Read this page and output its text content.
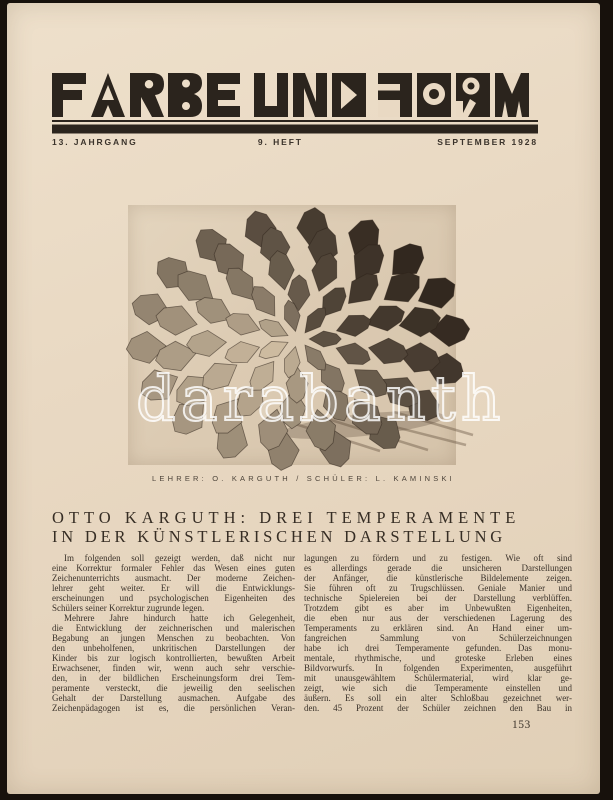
13. JAHRGANG	9. HEFT	SEPTEMBER 1928
darabanth
LEHRER: O. KARGUTH / SCHÜLER: L. KAMINSKI
OTTO KARGUTH: DREI TEMPERAMENTE
IN DER KÜNSTLERISCHEN DARSTELLUNG
Im folgenden soll gezeigt werden, daß nicht nur
eine Korrektur formaler Fehler das Wesen eines guten
Zeichenunterrichts ausmacht. Der moderne Zeichen-
lehrer geht weiter. Er will die Entwicklungs-
erscheinungen und psychologischen Eigenheiten des
Schülers seiner Korrektur zugrunde legen.
Mehrere Jahre hindurch hatte ich Gelegenheit,
die Entwicklung der zeichnerischen und malerischen
Begabung an jungen Menschen zu beobachten. Von
den unbeholfenen, unkritischen Darstellungen der
Kinder bis zur logisch kontrollierten, bewußten Arbeit
Erwachsener, finden wir, wenn auch sehr verschie-
den, in der bildlichen Erscheinungsform drei Tem-
peramente versteckt, die jeweilig den seelischen
Gehalt der Darstellung ausmachen. Aufgabe des
Zeichenpädagogen ist es, die persönlichen Veran-
lagungen zu fördern und zu festigen. Wie oft sind
es allerdings gerade die unsicheren Darstellungen
der Anfänger, die künstlerische Bildelemente zeigen.
Sie führen oft zu Trugschlüssen. Geniale Manier und
technische Spielereien bei der Darstellung verblüffen.
Trotzdem gibt es aber im Unbewußten Eigenheiten,
die eben nur aus der verschiedenen Lagerung des
Temperaments zu erklären sind. An Hand einer um-
fangreichen Sammlung von Schülerzeichnungen
habe ich drei Temperamente gefunden. Das monu-
mentale, rhythmische, und groteske Erleben eines
Bildvorwurfs. In folgenden Experimenten, ausgeführt
mit unausgewähltem Schülermaterial, wird klar ge-
zeigt, wie sich die Temperamente einstellen und
äußern. Es soll ein alter Schloßbau gezeichnet wer-
den. 45 Prozent der Schüler zeichnen den Bau in
153
